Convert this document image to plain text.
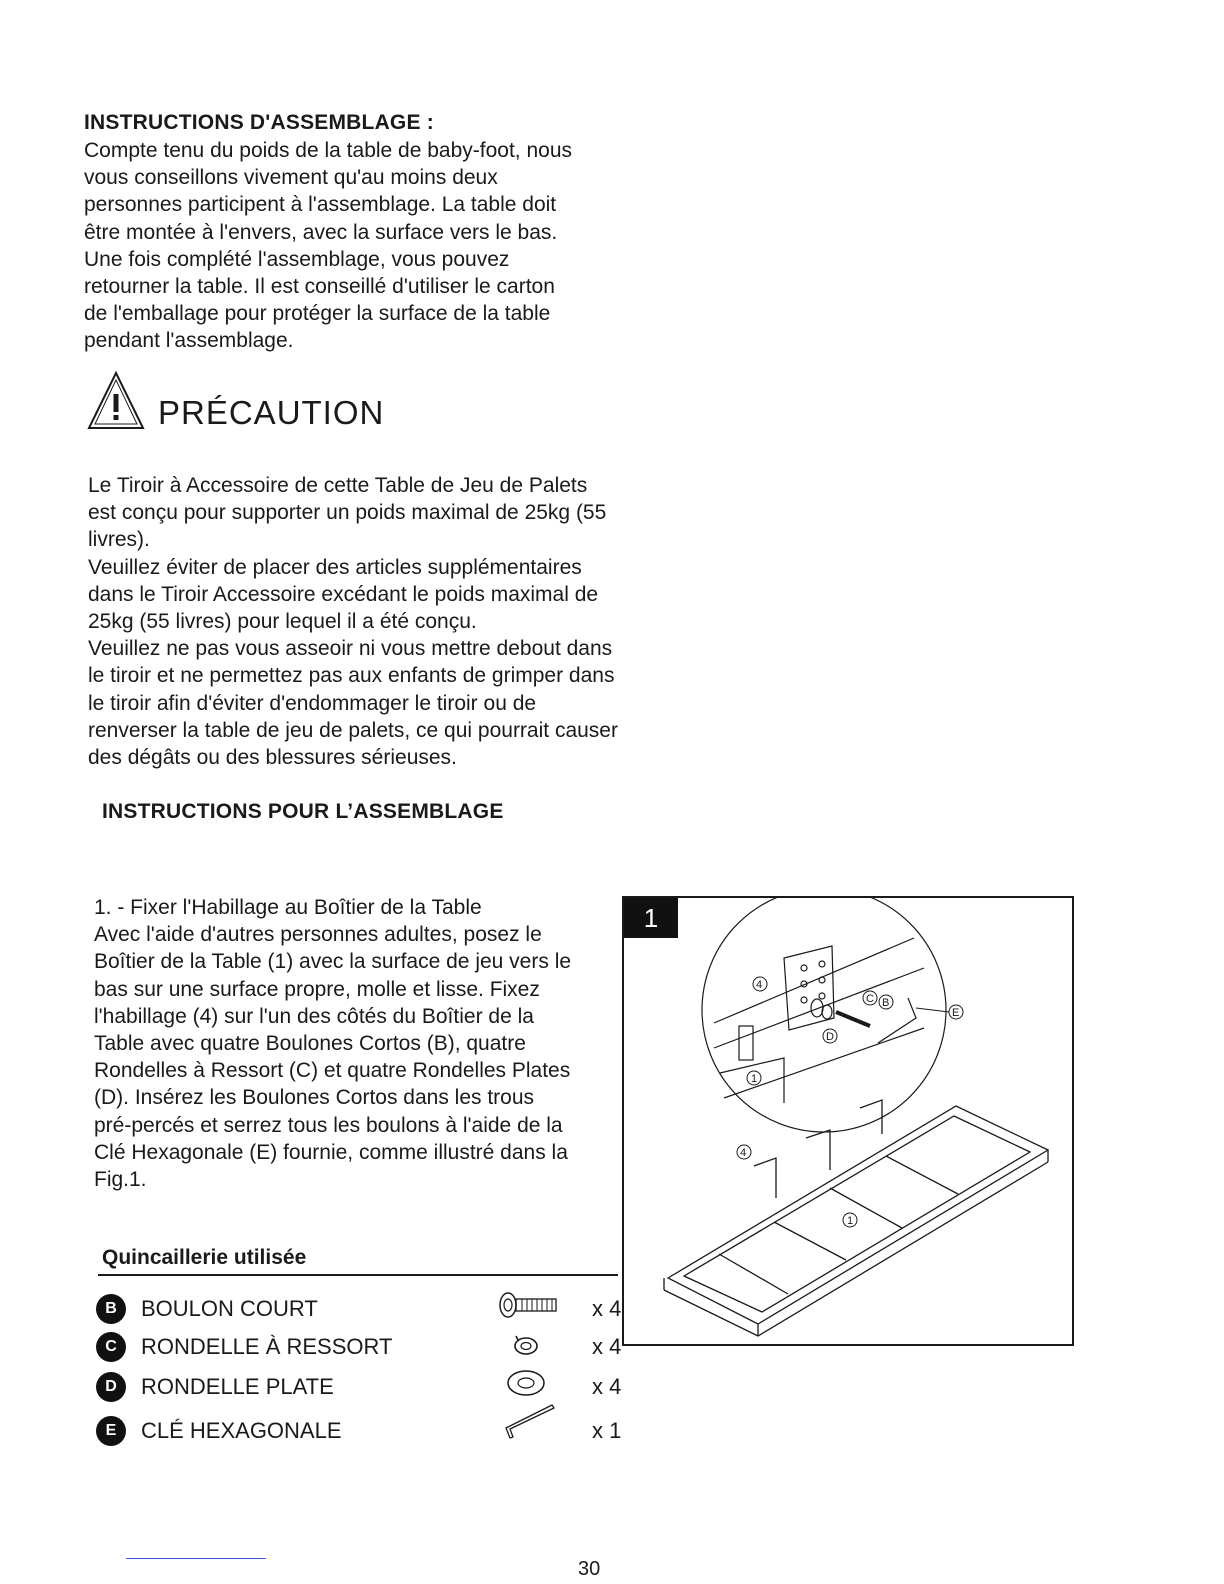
INSTRUCTIONS D'ASSEMBLAGE :

Compte tenu du poids de la table de baby-foot, nous

vous conseillons vivement qu'au moins deux

personnes participent à l'assemblage. La table doit

être montée à l'envers, avec la surface vers le bas.

Une fois complété l'assemblage, vous pouvez

retourner la table. Il est conseillé d'utiliser le carton

de l'emballage pour protéger la surface de la table

pendant l'assemblage.

PRÉCAUTION

Le Tiroir à Accessoire de cette Table de Jeu de Palets

est conçu pour supporter un poids maximal de 25kg (55

livres).

Veuillez éviter de placer des articles supplémentaires

dans le Tiroir Accessoire excédant le poids maximal de

25kg (55 livres) pour lequel il a été conçu.

Veuillez ne pas vous asseoir ni vous mettre debout dans

le tiroir et ne permettez pas aux enfants de grimper dans

le tiroir afin d'éviter d'endommager le tiroir ou de

renverser la table de jeu de palets, ce qui pourrait causer

des dégâts ou des blessures sérieuses.

INSTRUCTIONS POUR L’ASSEMBLAGE

1. - Fixer l'Habillage au Boîtier de la Table

Avec l'aide d'autres personnes adultes, posez le

Boîtier de la Table (1) avec la surface de jeu vers le

bas sur une surface propre, molle et lisse. Fixez

l'habillage (4) sur l'un des côtés du Boîtier de la

Table avec quatre Boulones Cortos (B), quatre

Rondelles à Ressort (C) et quatre Rondelles Plates

(D). Insérez les Boulones Cortos dans les trous

pré-percés et serrez tous les boulons à l'aide de la

Clé Hexagonale (E) fournie, comme illustré dans la

Fig.1.

Quincaillerie utilisée
B	BOULON COURT	x 4
C	RONDELLE À RESSORT	x 4
D	RONDELLE PLATE	x 4
E	CLÉ HEXAGONALE	x 1
1
4
B
C
D
E
1
4
1
30
